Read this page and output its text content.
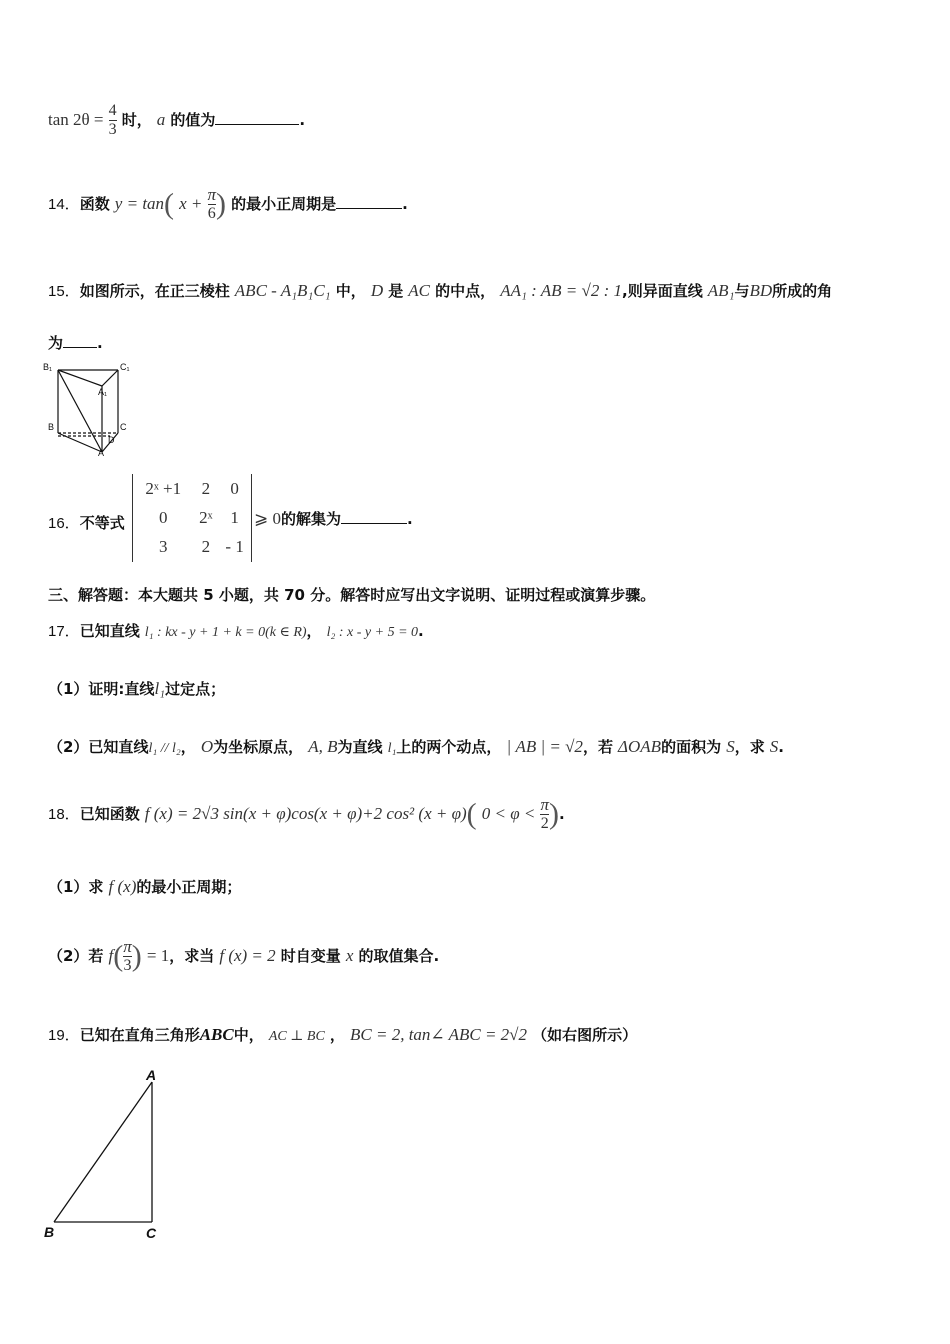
$\tan 2\theta = \frac{4}{3}$ 时， a 的值为	.
14．函数 y = tan( $x + \frac{\pi}{6}$ ) 的最小正周期是	.
15．如图所示，在正三棱柱 ABC - A₁B₁C₁ 中， D 是 AC 的中点， AA₁ : AB = √2 : 1,则异面直线 AB₁与BD所成的角
为 .
B₁	C₁
A₁
B	C
D
A
16．不等式
2ˣ +1	2	0
0	2ˣ	1
3	2	- 1
⩾ 0的解集为	.
三、解答题：本大题共 5 小题，共 70 分。解答时应写出文字说明、证明过程或演算步骤。
17．已知直线 l₁ : kx - y + 1 + k = 0(k ∈ R)， l₂ : x - y + 5 = 0.
（1）证明:直线l₁过定点；
（2）已知直线l₁ // l₂， O为坐标原点， A, B为直线 l₁上的两个动点， | AB | = √2，若 ΔOAB的面积为 S，求 S.
18．已知函数 f (x) = 2√3 sin(x + φ)cos(x + φ)+2 cos² (x + φ)( $0 < \varphi < \frac{\pi}{2}$ ).
（1）求 f (x)的最小正周期；
（2）若 $f( \frac{\pi}{3}$ ) = 1，求当 f (x) = 2 时自变量 x 的取值集合.
19．已知在直角三角形ABC中， AC ⊥ BC ， BC = 2, tan∠ ABC = 2√2 （如右图所示）
A
B	C
